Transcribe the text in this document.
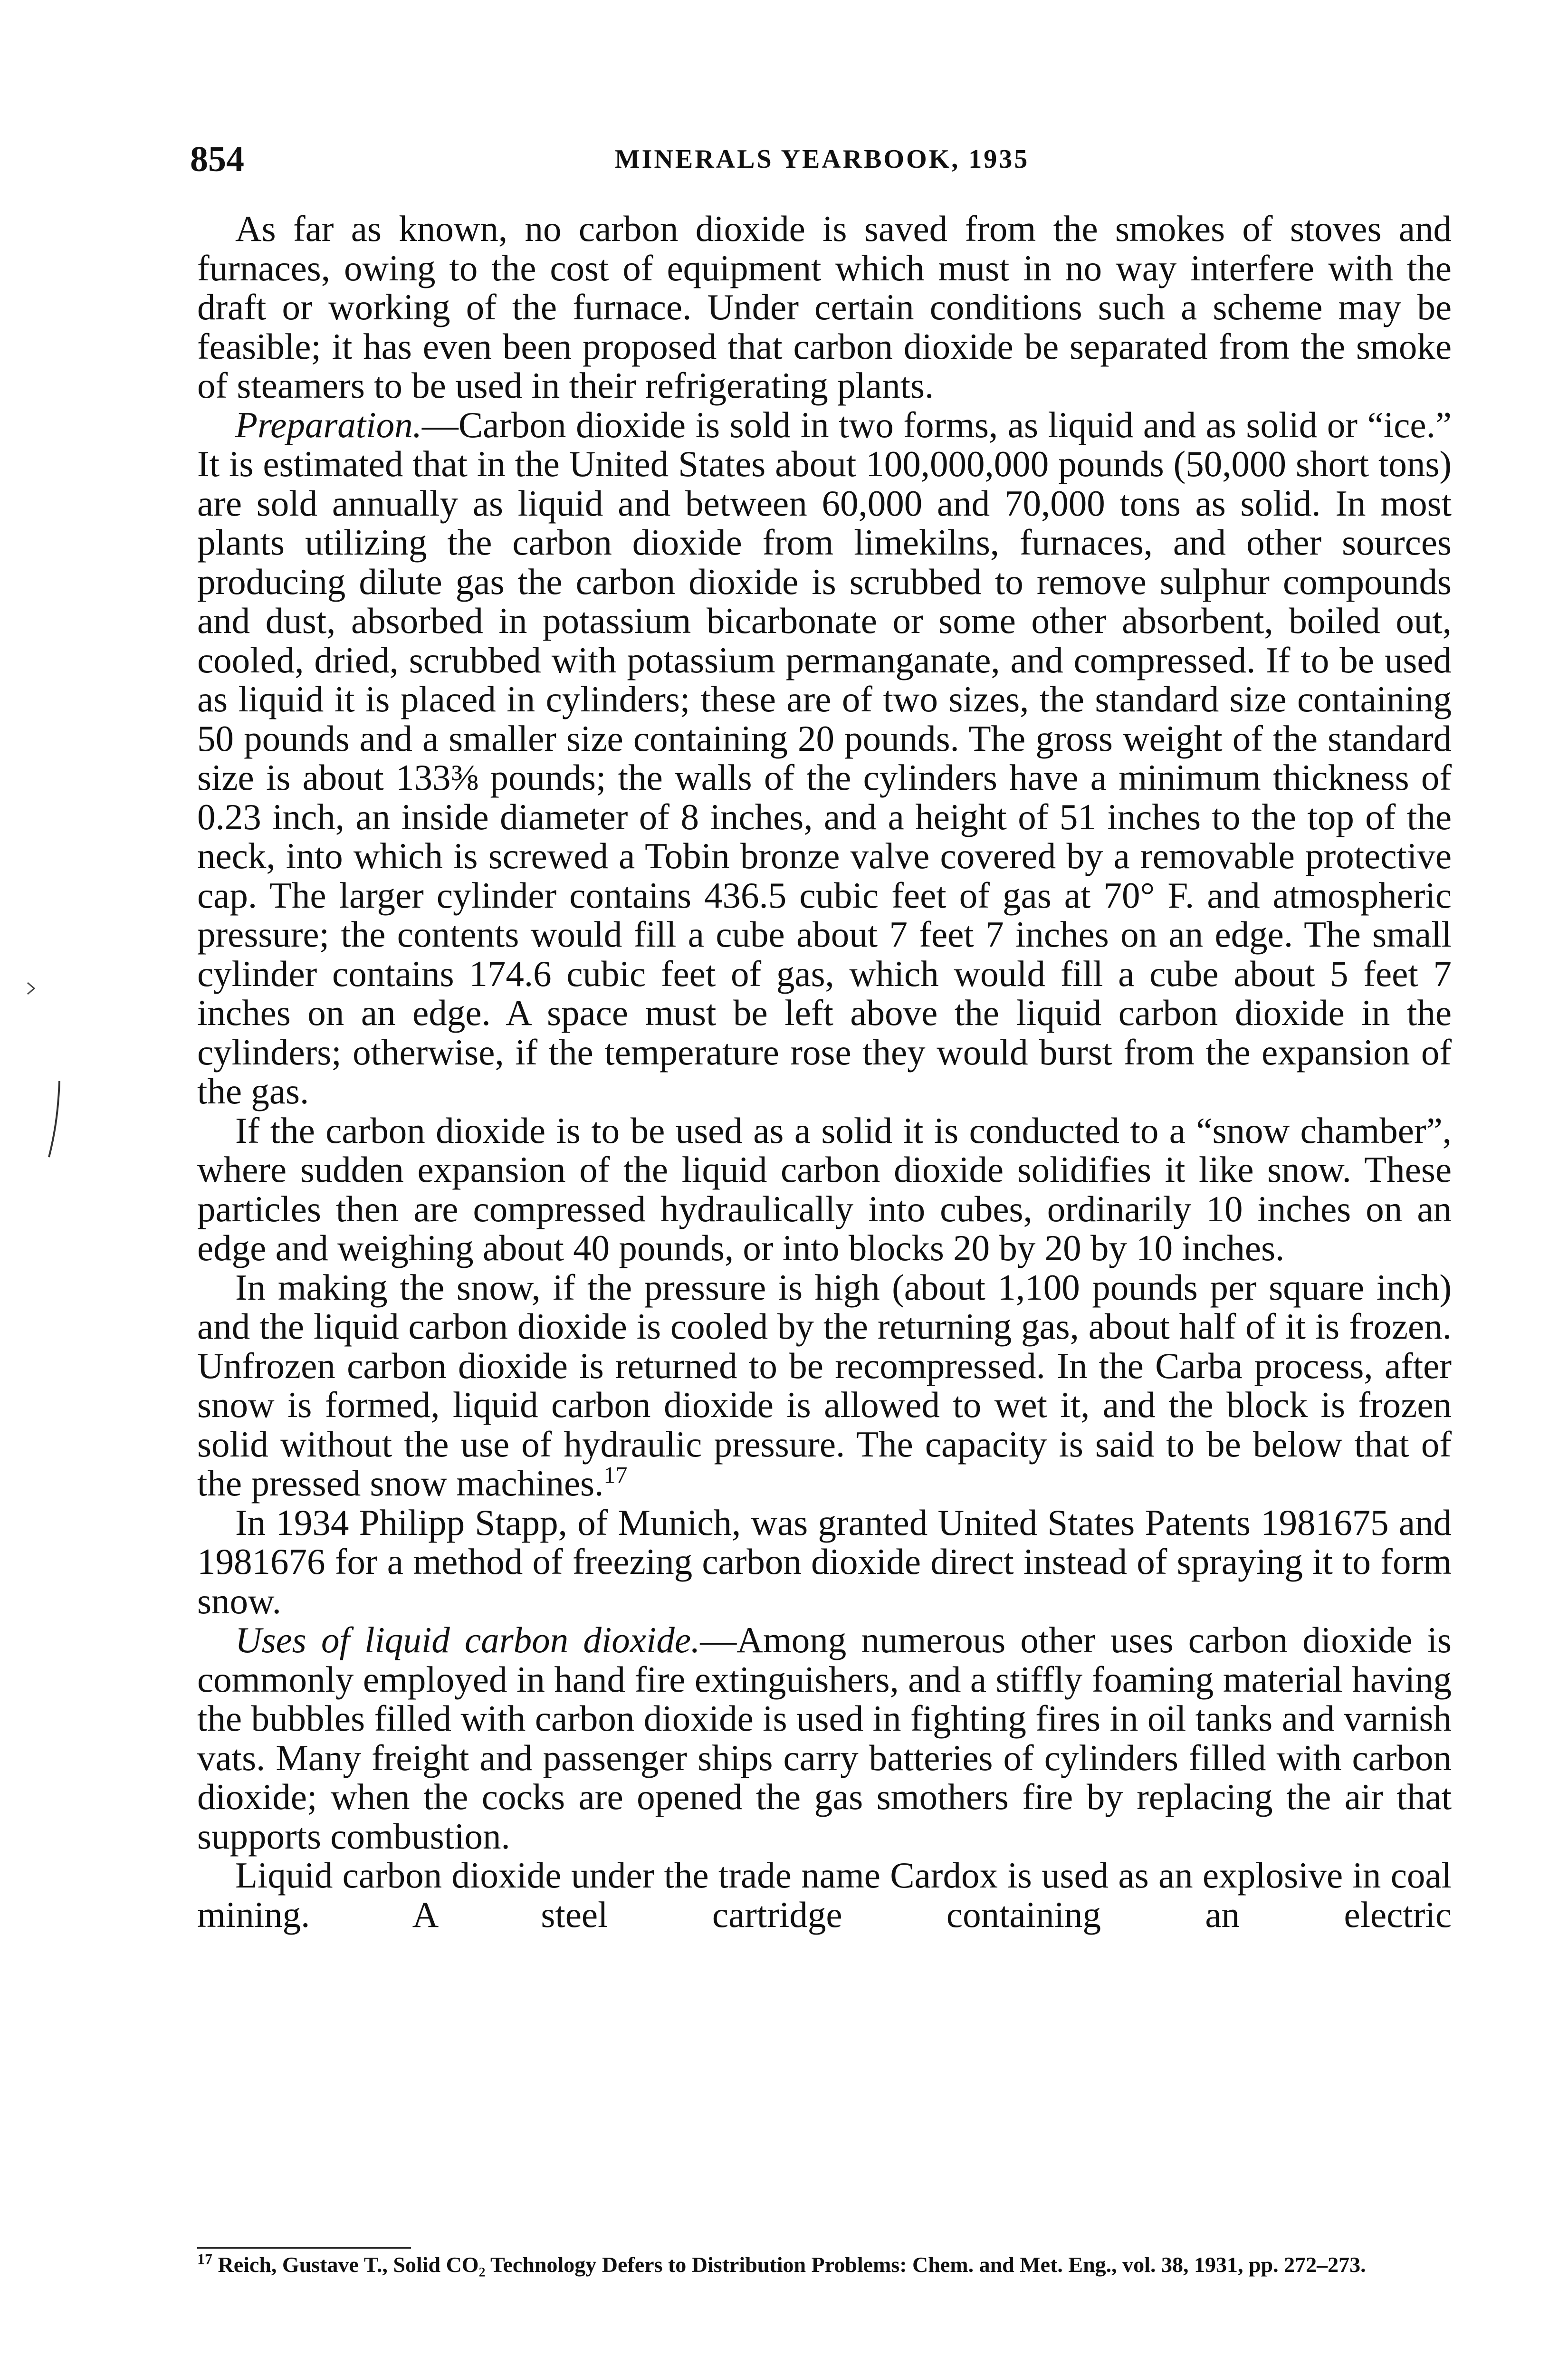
854	MINERALS YEARBOOK, 1935

As far as known, no carbon dioxide is saved from the smokes of stoves and furnaces, owing to the cost of equipment which must in no way interfere with the draft or working of the furnace. Under certain conditions such a scheme may be feasible; it has even been proposed that carbon dioxide be separated from the smoke of steamers to be used in their refrigerating plants.

Preparation.—Carbon dioxide is sold in two forms, as liquid and as solid or “ice.” It is estimated that in the United States about 100,000,000 pounds (50,000 short tons) are sold annually as liquid and between 60,000 and 70,000 tons as solid. In most plants utilizing the carbon dioxide from limekilns, furnaces, and other sources producing dilute gas the carbon dioxide is scrubbed to remove sulphur compounds and dust, absorbed in potassium bicarbonate or some other absorbent, boiled out, cooled, dried, scrubbed with potassium permanganate, and compressed. If to be used as liquid it is placed in cylinders; these are of two sizes, the standard size containing 50 pounds and a smaller size containing 20 pounds. The gross weight of the standard size is about 133⅜ pounds; the walls of the cylinders have a minimum thickness of 0.23 inch, an inside diameter of 8 inches, and a height of 51 inches to the top of the neck, into which is screwed a Tobin bronze valve covered by a removable protective cap. The larger cylinder contains 436.5 cubic feet of gas at 70° F. and atmospheric pressure; the contents would fill a cube about 7 feet 7 inches on an edge. The small cylinder contains 174.6 cubic feet of gas, which would fill a cube about 5 feet 7 inches on an edge. A space must be left above the liquid carbon dioxide in the cylinders; otherwise, if the temperature rose they would burst from the expansion of the gas.

If the carbon dioxide is to be used as a solid it is conducted to a “snow chamber”, where sudden expansion of the liquid carbon dioxide solidifies it like snow. These particles then are compressed hydraulically into cubes, ordinarily 10 inches on an edge and weighing about 40 pounds, or into blocks 20 by 20 by 10 inches.

In making the snow, if the pressure is high (about 1,100 pounds per square inch) and the liquid carbon dioxide is cooled by the returning gas, about half of it is frozen. Unfrozen carbon dioxide is returned to be recompressed. In the Carba process, after snow is formed, liquid carbon dioxide is allowed to wet it, and the block is frozen solid without the use of hydraulic pressure. The capacity is said to be below that of the pressed snow machines.$^{17}$

In 1934 Philipp Stapp, of Munich, was granted United States Patents 1981675 and 1981676 for a method of freezing carbon dioxide direct instead of spraying it to form snow.

Uses of liquid carbon dioxide.—Among numerous other uses carbon dioxide is commonly employed in hand fire extinguishers, and a stiffly foaming material having the bubbles filled with carbon dioxide is used in fighting fires in oil tanks and varnish vats. Many freight and passenger ships carry batteries of cylinders filled with carbon dioxide; when the cocks are opened the gas smothers fire by replacing the air that supports combustion.

Liquid carbon dioxide under the trade name Cardox is used as an explosive in coal mining. A steel cartridge containing an electric

$^{17}$ Reich, Gustave T., Solid CO₂ Technology Defers to Distribution Problems: Chem. and Met. Eng., vol. 38, 1931, pp. 272–273.
